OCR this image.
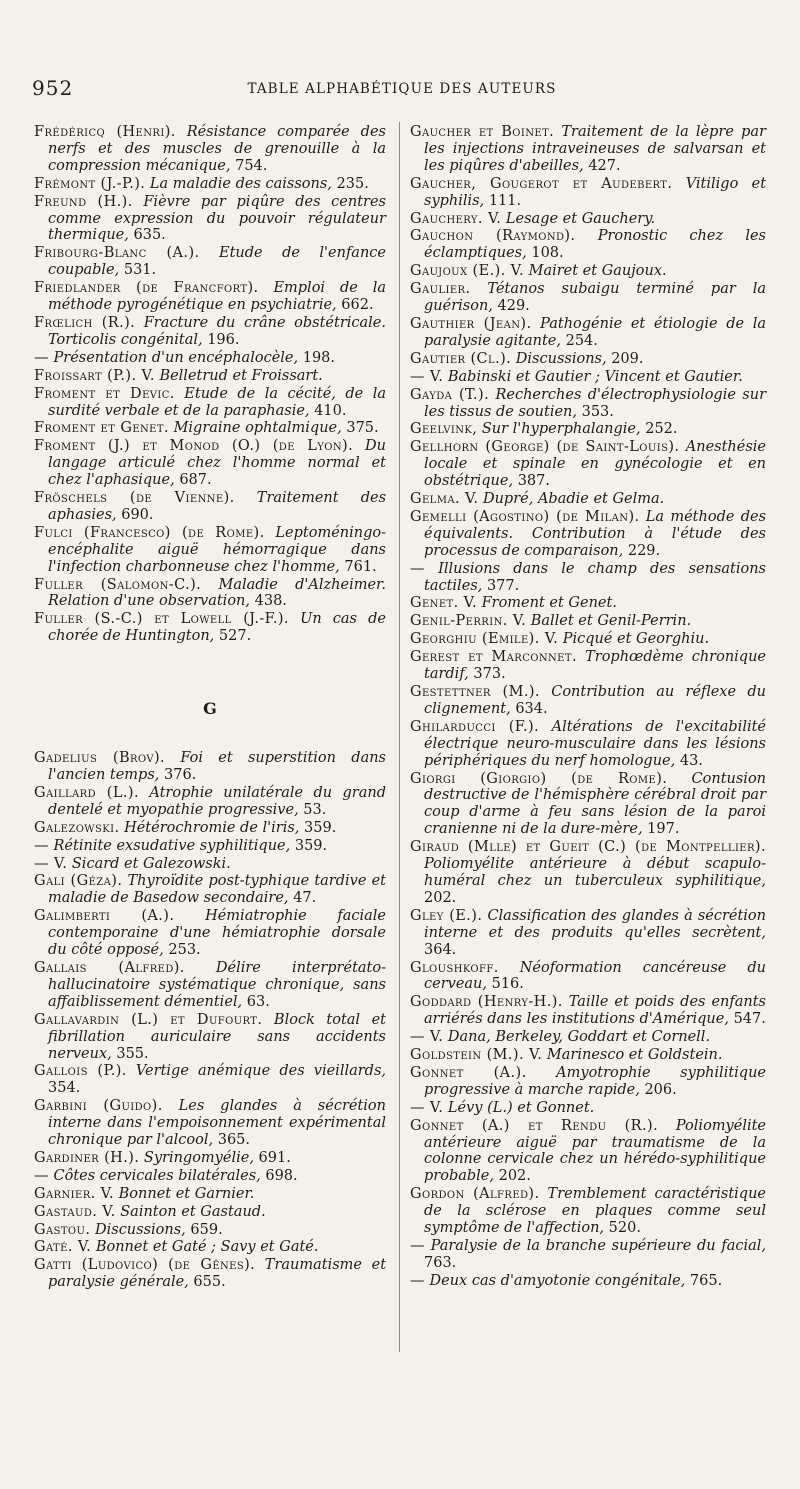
952	TABLE ALPHABÉTIQUE DES AUTEURS

Frédéricq (Henri). Résistance comparée des nerfs et des muscles de grenouille à la compression mécanique, 754.

Frémont (J.-P.). La maladie des caissons, 235.

Freund (H.). Fièvre par piqûre des centres comme expression du pouvoir régulateur thermique, 635.

Fribourg-Blanc (A.). Etude de l'enfance coupable, 531.

Friedlander (de Francfort). Emploi de la méthode pyrogénétique en psychiatrie, 662.

Frœlich (R.). Fracture du crâne obstétricale. Torticolis congénital, 196.

— Présentation d'un encéphalocèle, 198.

Froissart (P.). V. Belletrud et Froissart.

Froment et Devic. Etude de la cécité, de la surdité verbale et de la paraphasie, 410.

Froment et Genet. Migraine ophtalmique, 375.

Froment (J.) et Monod (O.) (de Lyon). Du langage articulé chez l'homme normal et chez l'aphasique, 687.

Fröschels (de Vienne). Traitement des aphasies, 690.

Fulci (Francesco) (de Rome). Leptoméningo-encéphalite aiguë hémorragique dans l'infection charbonneuse chez l'homme, 761.

Fuller (Salomon-C.). Maladie d'Alzheimer. Relation d'une observation, 438.

Fuller (S.-C.) et Lowell (J.-F.). Un cas de chorée de Huntington, 527.

G

Gadelius (Brov). Foi et superstition dans l'ancien temps, 376.

Gaillard (L.). Atrophie unilatérale du grand dentelé et myopathie progressive, 53.

Galezowski. Hétérochromie de l'iris, 359.

— Rétinite exsudative syphilitique, 359.

— V. Sicard et Galezowski.

Gali (Géza). Thyroïdite post-typhique tardive et maladie de Basedow secondaire, 47.

Galimberti (A.). Hémiatrophie faciale contemporaine d'une hémiatrophie dorsale du côté opposé, 253.

Gallais (Alfred). Délire interprétato-hallucinatoire systématique chronique, sans affaiblissement démentiel, 63.

Gallavardin (L.) et Dufourt. Block total et fibrillation auriculaire sans accidents nerveux, 355.

Gallois (P.). Vertige anémique des vieillards, 354.

Garbini (Guido). Les glandes à sécrétion interne dans l'empoisonnement expérimental chronique par l'alcool, 365.

Gardiner (H.). Syringomyélie, 691.

— Côtes cervicales bilatérales, 698.

Garnier. V. Bonnet et Garnier.

Gastaud. V. Sainton et Gastaud.

Gastou. Discussions, 659.

Gaté. V. Bonnet et Gaté ; Savy et Gaté.

Gatti (Ludovico) (de Gênes). Traumatisme et paralysie générale, 655.

Gaucher et Boinet. Traitement de la lèpre par les injections intraveineuses de salvarsan et les piqûres d'abeilles, 427.

Gaucher, Gougerot et Audebert. Vitiligo et syphilis, 111.

Gauchery. V. Lesage et Gauchery.

Gauchon (Raymond). Pronostic chez les éclamptiques, 108.

Gaujoux (E.). V. Mairet et Gaujoux.

Gaulier. Tétanos subaigu terminé par la guérison, 429.

Gauthier (Jean). Pathogénie et étiologie de la paralysie agitante, 254.

Gautier (Cl.). Discussions, 209.

— V. Babinski et Gautier ; Vincent et Gautier.

Gayda (T.). Recherches d'électrophysiologie sur les tissus de soutien, 353.

Geelvink, Sur l'hyperphalangie, 252.

Gellhorn (George) (de Saint-Louis). Anesthésie locale et spinale en gynécologie et en obstétrique, 387.

Gelma. V. Dupré, Abadie et Gelma.

Gemelli (Agostino) (de Milan). La méthode des équivalents. Contribution à l'étude des processus de comparaison, 229.

— Illusions dans le champ des sensations tactiles, 377.

Genet. V. Froment et Genet.

Genil-Perrin. V. Ballet et Genil-Perrin.

Georghiu (Emile). V. Picqué et Georghiu.

Gerest et Marconnet. Trophœdème chronique tardif, 373.

Gestettner (M.). Contribution au réflexe du clignement, 634.

Ghilarducci (F.). Altérations de l'excitabilité électrique neuro-musculaire dans les lésions périphériques du nerf homologue, 43.

Giorgi (Giorgio) (de Rome). Contusion destructive de l'hémisphère cérébral droit par coup d'arme à feu sans lésion de la paroi cranienne ni de la dure-mère, 197.

Giraud (Mlle) et Gueit (C.) (de Montpellier). Poliomyélite antérieure à début scapulo-huméral chez un tuberculeux syphilitique, 202.

Gley (E.). Classification des glandes à sécrétion interne et des produits qu'elles secrètent, 364.

Gloushkoff. Néoformation cancéreuse du cerveau, 516.

Goddard (Henry-H.). Taille et poids des enfants arriérés dans les institutions d'Amérique, 547.

— V. Dana, Berkeley, Goddart et Cornell.

Goldstein (M.). V. Marinesco et Goldstein.

Gonnet (A.). Amyotrophie syphilitique progressive à marche rapide, 206.

— V. Lévy (L.) et Gonnet.

Gonnet (A.) et Rendu (R.). Poliomyélite antérieure aiguë par traumatisme de la colonne cervicale chez un hérédo-syphilitique probable, 202.

Gordon (Alfred). Tremblement caractéristique de la sclérose en plaques comme seul symptôme de l'affection, 520.

— Paralysie de la branche supérieure du facial, 763.

— Deux cas d'amyotonie congénitale, 765.
